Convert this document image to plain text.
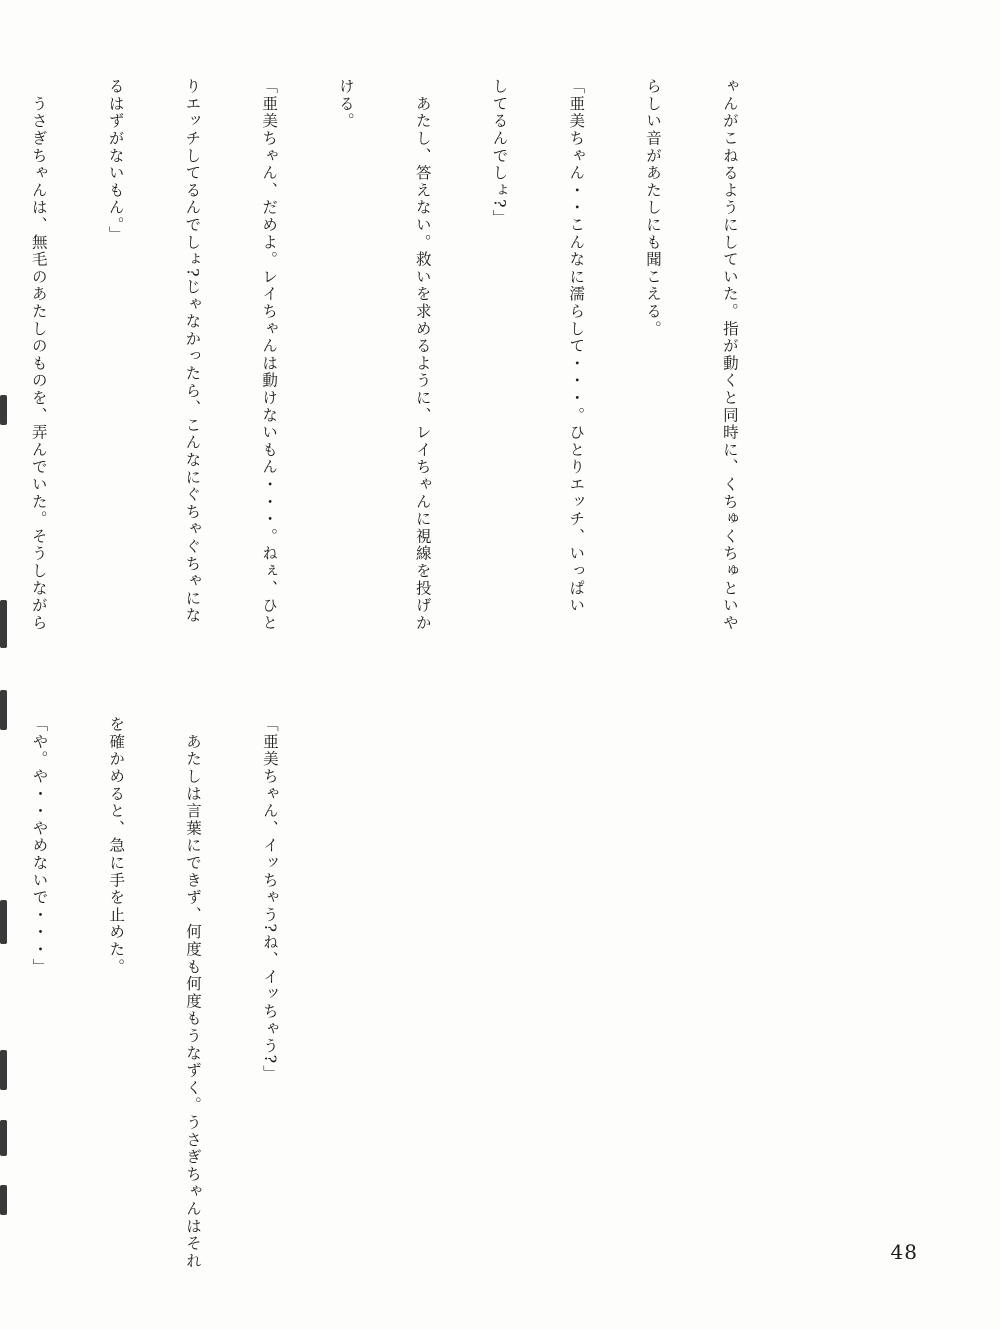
ゃんがこねるようにしていた。指が動くと同時に、くちゅくちゅといや

らしい音があたしにも聞こえる。

「亜美ちゃん・・こんなに濡らして・・・。ひとりエッチ、いっぱい

してるんでしょ?」

　あたし、答えない。救いを求めるように、レイちゃんに視線を投げか

ける。

「亜美ちゃん、だめよ。レイちゃんは動けないもん・・・。ねぇ、ひと

りエッチしてるんでしょ?じゃなかったら、こんなにぐちゃぐちゃにな

るはずがないもん。」

　うさぎちゃんは、無毛のあたしのものを、弄んでいた。そうしながら

「亜美ちゃん、イッちゃう?ね、イッちゃう?」

　あたしは言葉にできず、何度も何度もうなずく。うさぎちゃんはそれ

を確かめると、急に手を止めた。

「や。や・・やめないで・・・」

48
